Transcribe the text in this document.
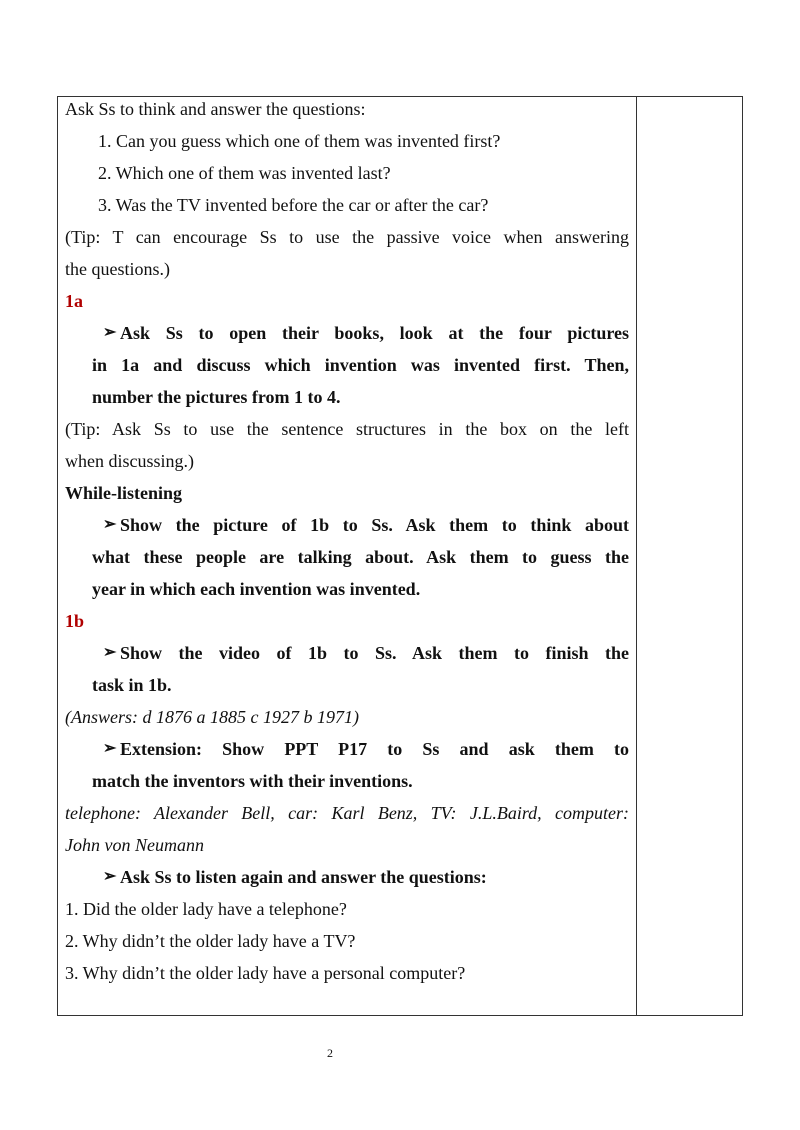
Ask Ss to think and answer the questions:
1. Can you guess which one of them was invented first?
2. Which one of them was invented last?
3. Was the TV invented before the car or after the car?
(Tip: T can encourage Ss to use the passive voice when answering
the questions.)
1a
➢ Ask Ss to open their books, look at the four pictures
in 1a and discuss which invention was invented first. Then,
number the pictures from 1 to 4.
(Tip: Ask Ss to use the sentence structures in the box on the left
when discussing.)
While-listening
➢ Show the picture of 1b to Ss. Ask them to think about
what these people are talking about. Ask them to guess the
year in which each invention was invented.
1b
➢ Show the video of 1b to Ss. Ask them to finish the
task in 1b.
(Answers: d 1876 a 1885 c 1927 b 1971)
➢ Extension: Show PPT P17 to Ss and ask them to
match the inventors with their inventions.
telephone: Alexander Bell, car: Karl Benz, TV: J.L.Baird, computer:
John von Neumann
➢ Ask Ss to listen again and answer the questions:
1. Did the older lady have a telephone?
2. Why didn’t the older lady have a TV?
3. Why didn’t the older lady have a personal computer?
2
